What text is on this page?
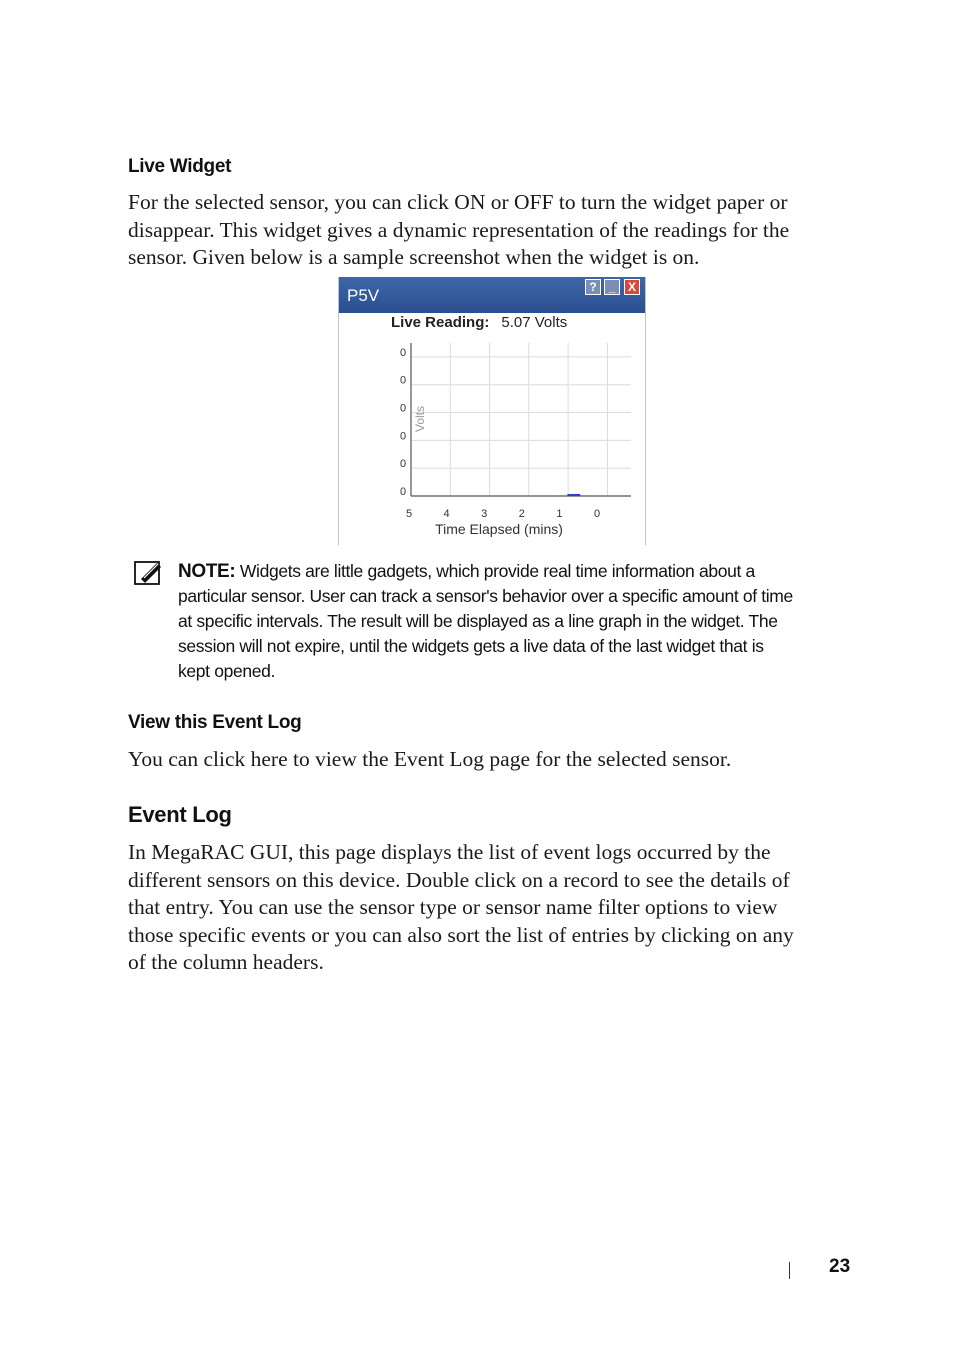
Live Widget

For the selected sensor, you can click ON or OFF to turn the widget paper or
disappear. This widget gives a dynamic representation of the readings for the
sensor. Given below is a sample screenshot when the widget is on.

P5V	? _	X
Live Reading: 5.07 Volts
0
0
0
0
0
0
5	4	3	2	1	0
Volts
Time Elapsed (mins)

NOTE: Widgets are little gadgets, which provide real time information about a
particular sensor. User can track a sensor's behavior over a specific amount of time
at specific intervals. The result will be displayed as a line graph in the widget. The
session will not expire, until the widgets gets a live data of the last widget that is
kept opened.

View this Event Log

You can click here to view the Event Log page for the selected sensor.

Event Log

In MegaRAC GUI, this page displays the list of event logs occurred by the
different sensors on this device. Double click on a record to see the details of
that entry. You can use the sensor type or sensor name filter options to view
those specific events or you can also sort the list of entries by clicking on any
of the column headers.

23
